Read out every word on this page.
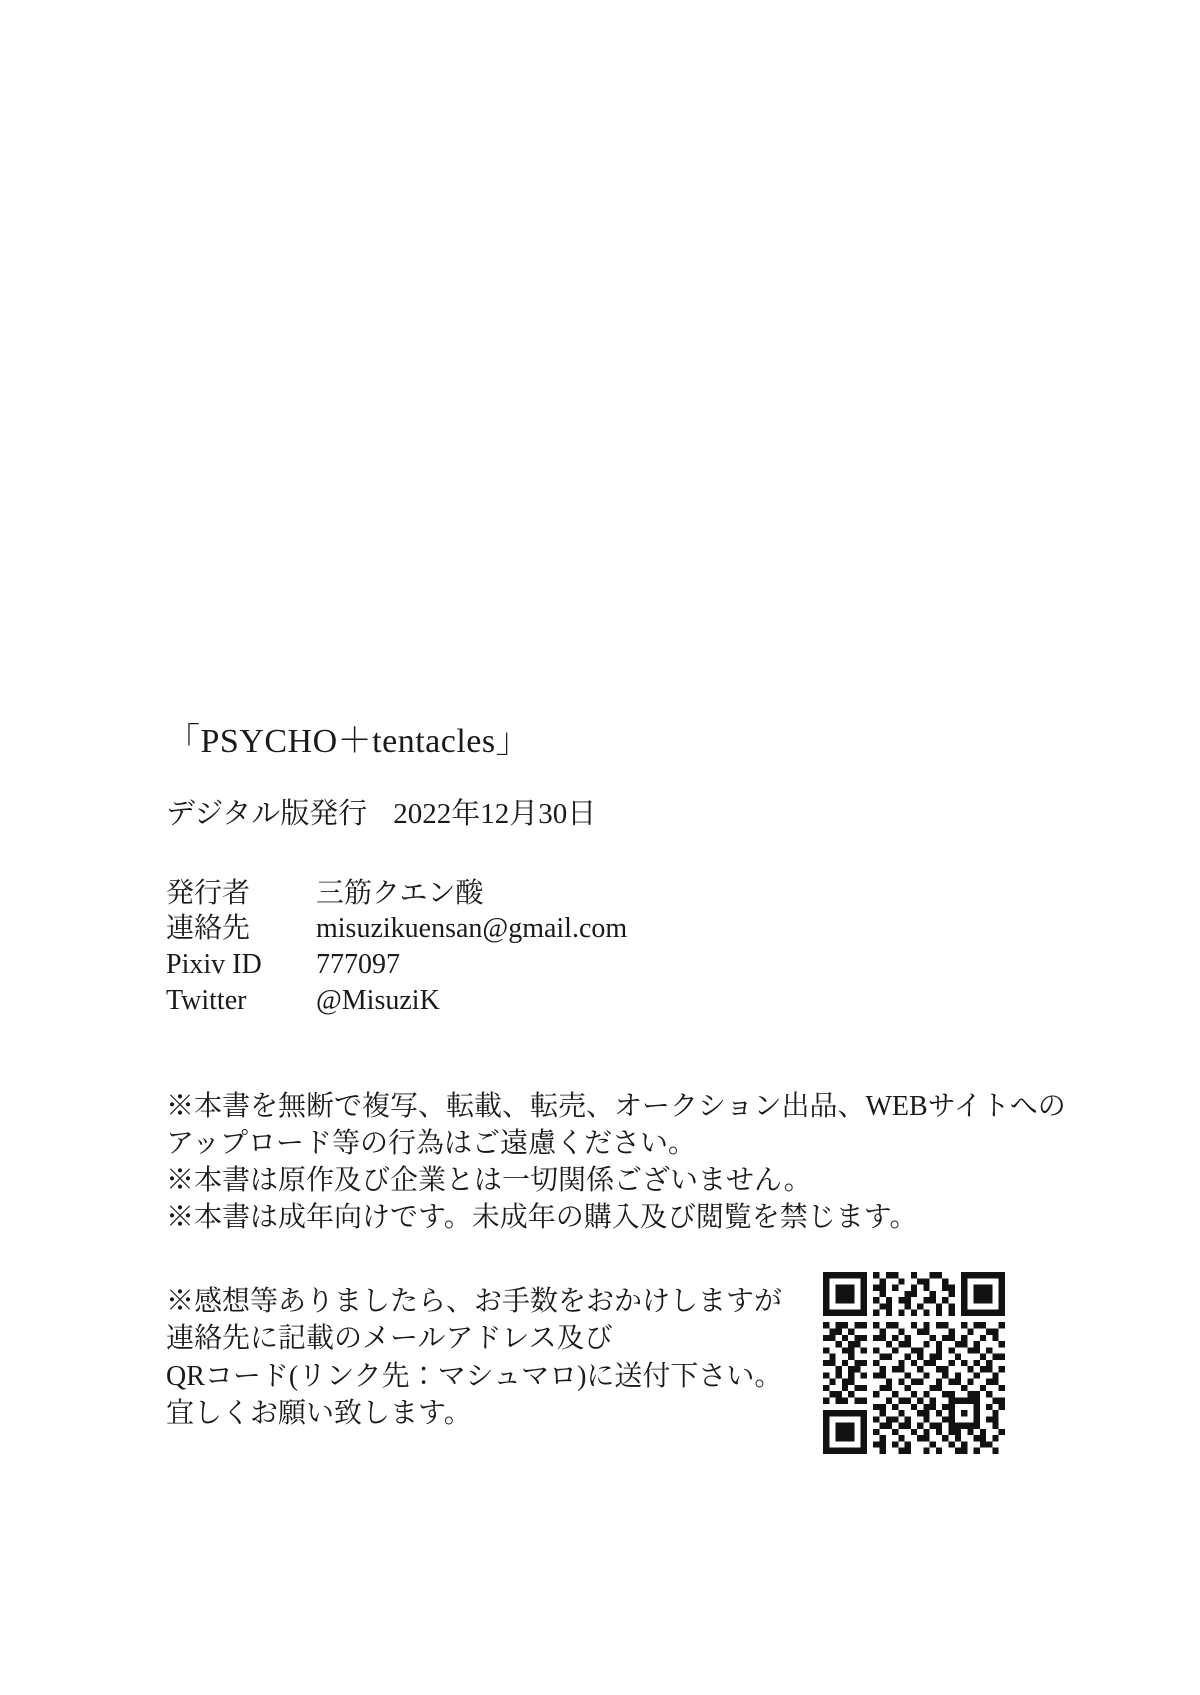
「PSYCHO＋tentacles」
デジタル版発行 2022年12月30日
発行者	三筋クエン酸
連絡先	misuzikuensan@gmail.com
Pixiv ID	777097
Twitter	@MisuziK

※本書を無断で複写、転載、転売、オークション出品、WEBサイトへの

アップロード等の行為はご遠慮ください。

※本書は原作及び企業とは一切関係ございません。

※本書は成年向けです。未成年の購入及び閲覧を禁じます。

※感想等ありましたら、お手数をおかけしますが

連絡先に記載のメールアドレス及び

QRコード(リンク先：マシュマロ)に送付下さい。

宜しくお願い致します。
